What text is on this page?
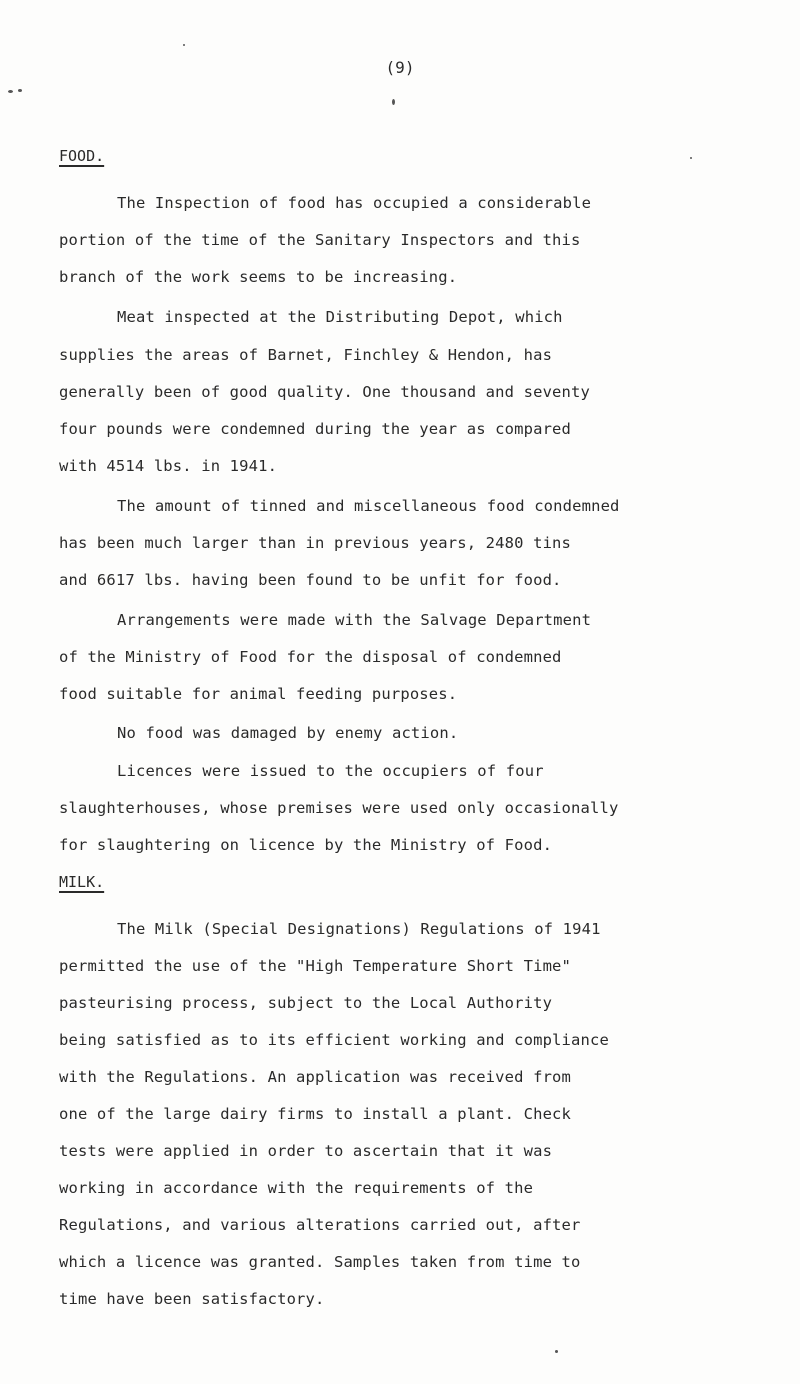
(9)
FOOD.
The Inspection of food has occupied a considerable
portion of the time of the Sanitary Inspectors and this
branch of the work seems to be increasing.
Meat inspected at the Distributing Depot, which
supplies the areas of Barnet, Finchley & Hendon, has
generally been of good quality. One thousand and seventy
four pounds were condemned during the year as compared
with 4514 lbs. in 1941.
The amount of tinned and miscellaneous food condemned
has been much larger than in previous years, 2480 tins
and 6617 lbs. having been found to be unfit for food.
Arrangements were made with the Salvage Department
of the Ministry of Food for the disposal of condemned
food suitable for animal feeding purposes.
No food was damaged by enemy action.
Licences were issued to the occupiers of four
slaughterhouses, whose premises were used only occasionally
for slaughtering on licence by the Ministry of Food.
MILK.
The Milk (Special Designations) Regulations of 1941
permitted the use of the "High Temperature Short Time"
pasteurising process, subject to the Local Authority
being satisfied as to its efficient working and compliance
with the Regulations. An application was received from
one of the large dairy firms to install a plant. Check
tests were applied in order to ascertain that it was
working in accordance with the requirements of the
Regulations, and various alterations carried out, after
which a licence was granted. Samples taken from time to
time have been satisfactory.
